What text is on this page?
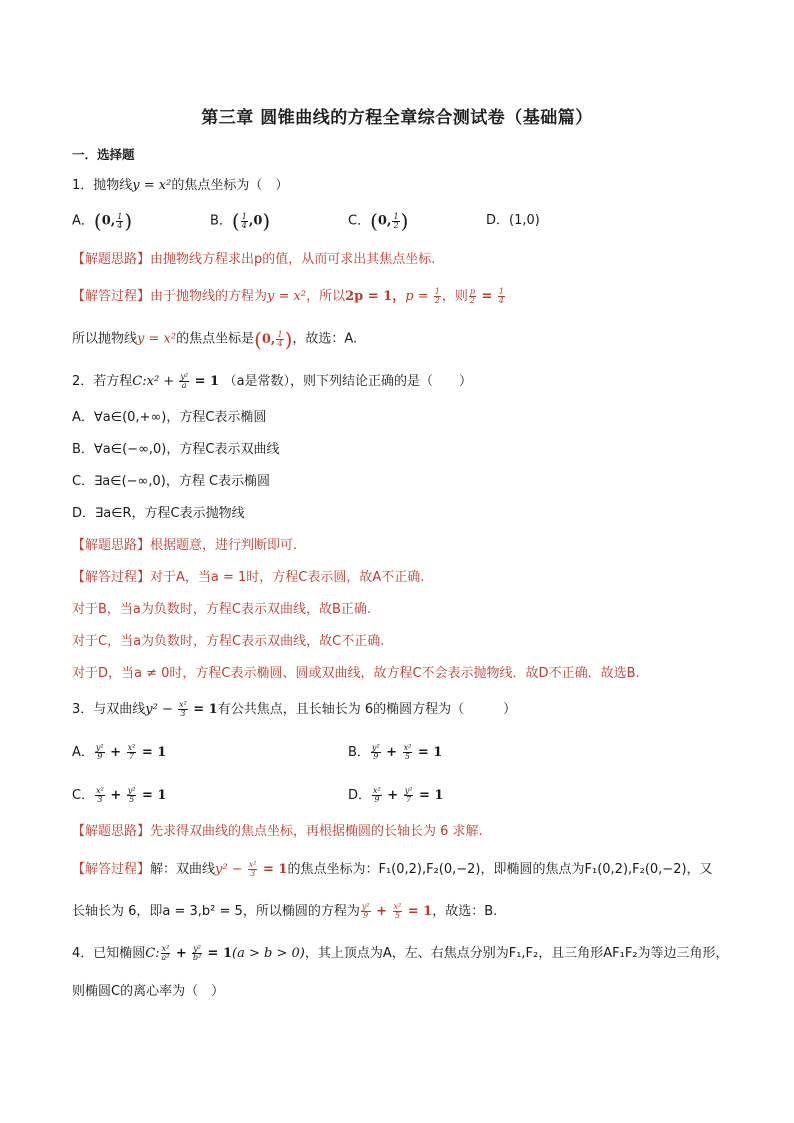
第三章 圆锥曲线的方程全章综合测试卷（基础篇）
一．选择题
1．抛物线y = x²的焦点坐标为（　）
A．(0, $\frac{1}{4}$ )	B．( $\frac{1}{4} ,0$)	C．(0, $\frac{1}{2}$ )	D．(1,0)
【解题思路】由抛物线方程求出p的值，从而可求出其焦点坐标.
【解答过程】由于抛物线的方程为y = x²，所以2p = 1，$p = \frac{1}{2}$ ，则 $\frac{p}{2} = \frac{1}{4}$
所以抛物线y = x²的焦点坐标是(0, $\frac{1}{4}$ )，故选：A.
2．若方程C:x² + $\frac{\text{y²}}{a} = 1$ （a是常数），则下列结论正确的是（　　）
A．∀a∈(0,+∞)，方程C表示椭圆
B．∀a∈(−∞,0)，方程C表示双曲线
C．∃a∈(−∞,0)，方程 C表示椭圆
D．∃a∈R，方程C表示抛物线
【解题思路】根据题意，进行判断即可.
【解答过程】对于A，当a = 1时，方程C表示圆，故A不正确.
对于B，当a为负数时，方程C表示双曲线，故B正确.
对于C，当a为负数时，方程C表示双曲线，故C不正确.
对于D，当a ≠ 0时，方程C表示椭圆、圆或双曲线，故方程C不会表示抛物线．故D不正确．故选B.
3．与双曲线$y^2 - \frac{\text{x²}}{3} = 1$有公共焦点，且长轴长为 6的椭圆方程为（　　　）
A． $\frac{\text{y²}}{9} + \frac{\text{x²}}{7} = 1$	B． $\frac{\text{y²}}{9} + \frac{\text{x²}}{5} = 1$
C． $\frac{\text{x²}}{3} + \frac{\text{y²}}{5} = 1$	D． $\frac{\text{x²}}{9} + \frac{\text{y²}}{7} = 1$
【解题思路】先求得双曲线的焦点坐标，再根据椭圆的长轴长为 6 求解.
【解答过程】解：双曲线$y^2 - \frac{\text{x²}}{3} = 1$的焦点坐标为：F₁(0,2),F₂(0,−2)，即椭圆的焦点为F₁(0,2),F₂(0,−2)，又
长轴长为 6，即a = 3,b² = 5，所以椭圆的方程为 $\frac{\text{y²}}{9} + \frac{\text{x²}}{5} = 1$，故选：B.
4．已知椭圆C: $\frac{\text{x²}}{\text{a²}} + \frac{\text{y²}}{\text{b²}} = 1(a > b > 0)$，其上顶点为A，左、右焦点分别为F₁,F₂，且三角形AF₁F₂为等边三角形，
则椭圆C的离心率为（　）
